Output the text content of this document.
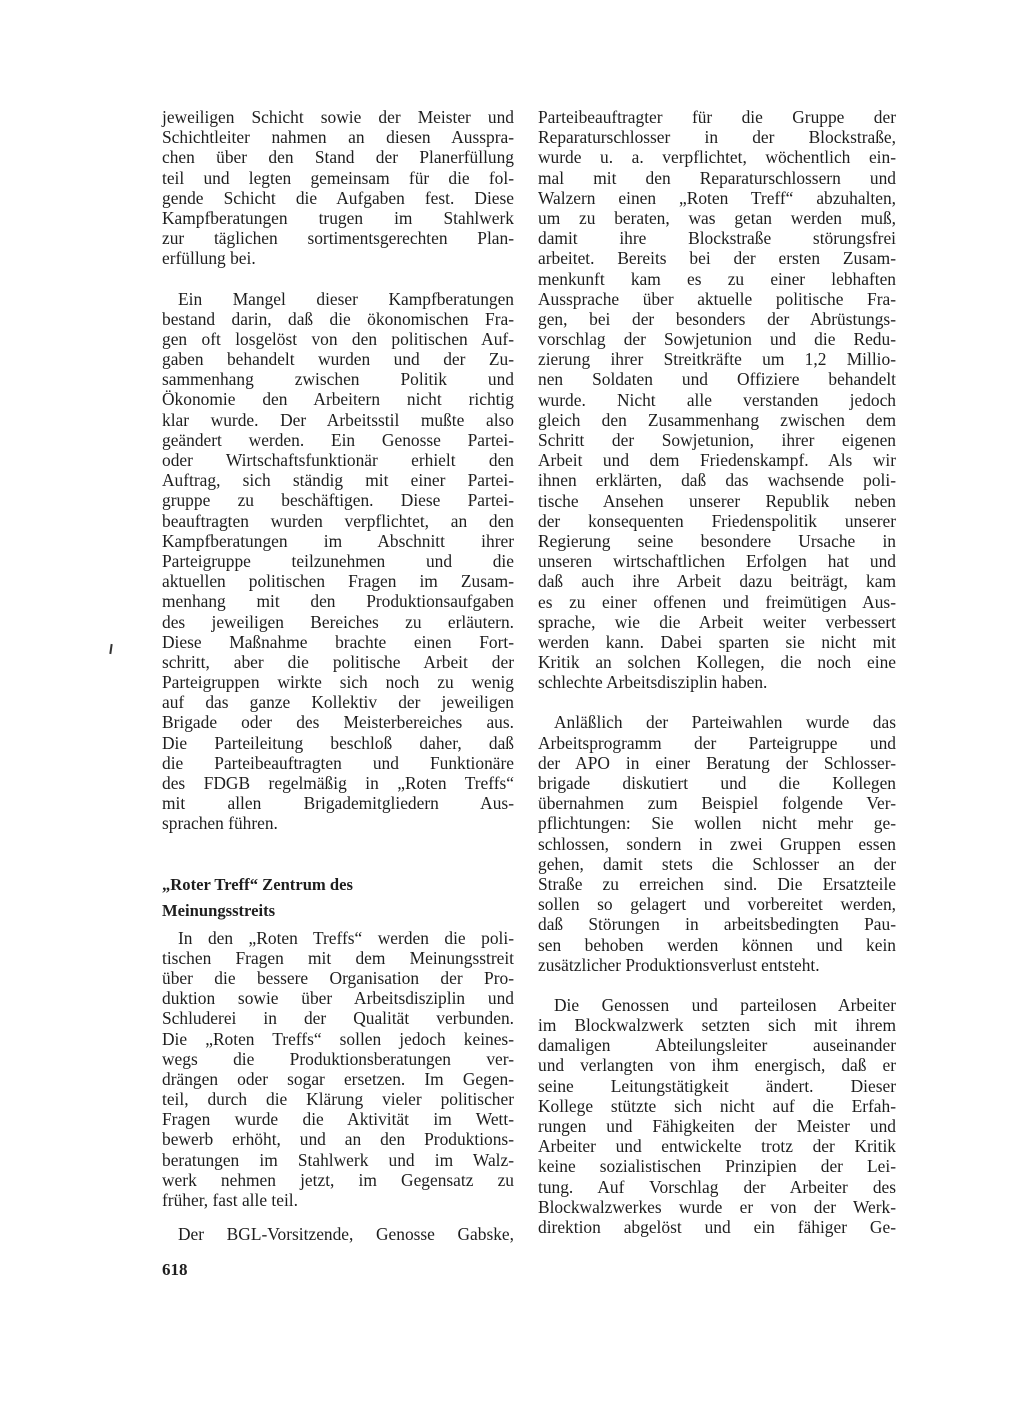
jeweiligen Schicht sowie der Meister und
Schichtleiter nahmen an diesen Ausspra-
chen über den Stand der Planerfüllung
teil und legten gemeinsam für die fol-
gende Schicht die Aufgaben fest. Diese
Kampfberatungen trugen im Stahlwerk
zur täglichen sortimentsgerechten Plan-
erfüllung bei.
Ein Mangel dieser Kampfberatungen
bestand darin, daß die ökonomischen Fra-
gen oft losgelöst von den politischen Auf-
gaben behandelt wurden und der Zu-
sammenhang zwischen Politik und
Ökonomie den Arbeitern nicht richtig
klar wurde. Der Arbeitsstil mußte also
geändert werden. Ein Genosse Partei-
oder Wirtschaftsfunktionär erhielt den
Auftrag, sich ständig mit einer Partei-
gruppe zu beschäftigen. Diese Partei-
beauftragten wurden verpflichtet, an den
Kampfberatungen im Abschnitt ihrer
Parteigruppe teilzunehmen und die
aktuellen politischen Fragen im Zusam-
menhang mit den Produktionsaufgaben
des jeweiligen Bereiches zu erläutern.
Diese Maßnahme brachte einen Fort-
schritt, aber die politische Arbeit der
Parteigruppen wirkte sich noch zu wenig
auf das ganze Kollektiv der jeweiligen
Brigade oder des Meisterbereiches aus.
Die Parteileitung beschloß daher, daß
die Parteibeauftragten und Funktionäre
des FDGB regelmäßig in „Roten Treffs“
mit allen Brigademitgliedern Aus-
sprachen führen.
„Roter Treff“ Zentrum des
Meinungsstreits
In den „Roten Treffs“ werden die poli-
tischen Fragen mit dem Meinungsstreit
über die bessere Organisation der Pro-
duktion sowie über Arbeitsdisziplin und
Schluderei in der Qualität verbunden.
Die „Roten Treffs“ sollen jedoch keines-
wegs die Produktionsberatungen ver-
drängen oder sogar ersetzen. Im Gegen-
teil, durch die Klärung vieler politischer
Fragen wurde die Aktivität im Wett-
bewerb erhöht, und an den Produktions-
beratungen im Stahlwerk und im Walz-
werk nehmen jetzt, im Gegensatz zu
früher, fast alle teil.
Der BGL-Vorsitzende, Genosse Gabske,
Parteibeauftragter für die Gruppe der
Reparaturschlosser in der Blockstraße,
wurde u. a. verpflichtet, wöchentlich ein-
mal mit den Reparaturschlossern und
Walzern einen „Roten Treff“ abzuhalten,
um zu beraten, was getan werden muß,
damit ihre Blockstraße störungsfrei
arbeitet. Bereits bei der ersten Zusam-
menkunft kam es zu einer lebhaften
Aussprache über aktuelle politische Fra-
gen, bei der besonders der Abrüstungs-
vorschlag der Sowjetunion und die Redu-
zierung ihrer Streitkräfte um 1,2 Millio-
nen Soldaten und Offiziere behandelt
wurde. Nicht alle verstanden jedoch
gleich den Zusammenhang zwischen dem
Schritt der Sowjetunion, ihrer eigenen
Arbeit und dem Friedenskampf. Als wir
ihnen erklärten, daß das wachsende poli-
tische Ansehen unserer Republik neben
der konsequenten Friedenspolitik unserer
Regierung seine besondere Ursache in
unseren wirtschaftlichen Erfolgen hat und
daß auch ihre Arbeit dazu beiträgt, kam
es zu einer offenen und freimütigen Aus-
sprache, wie die Arbeit weiter verbessert
werden kann. Dabei sparten sie nicht mit
Kritik an solchen Kollegen, die noch eine
schlechte Arbeitsdisziplin haben.
Anläßlich der Parteiwahlen wurde das
Arbeitsprogramm der Parteigruppe und
der APO in einer Beratung der Schlosser-
brigade diskutiert und die Kollegen
übernahmen zum Beispiel folgende Ver-
pflichtungen: Sie wollen nicht mehr ge-
schlossen, sondern in zwei Gruppen essen
gehen, damit stets die Schlosser an der
Straße zu erreichen sind. Die Ersatzteile
sollen so gelagert und vorbereitet werden,
daß Störungen in arbeitsbedingten Pau-
sen behoben werden können und kein
zusätzlicher Produktionsverlust entsteht.
Die Genossen und parteilosen Arbeiter
im Blockwalzwerk setzten sich mit ihrem
damaligen Abteilungsleiter auseinander
und verlangten von ihm energisch, daß er
seine Leitungstätigkeit ändert. Dieser
Kollege stützte sich nicht auf die Erfah-
rungen und Fähigkeiten der Meister und
Arbeiter und entwickelte trotz der Kritik
keine sozialistischen Prinzipien der Lei-
tung. Auf Vorschlag der Arbeiter des
Blockwalzwerkes wurde er von der Werk-
direktion abgelöst und ein fähiger Ge-
618
